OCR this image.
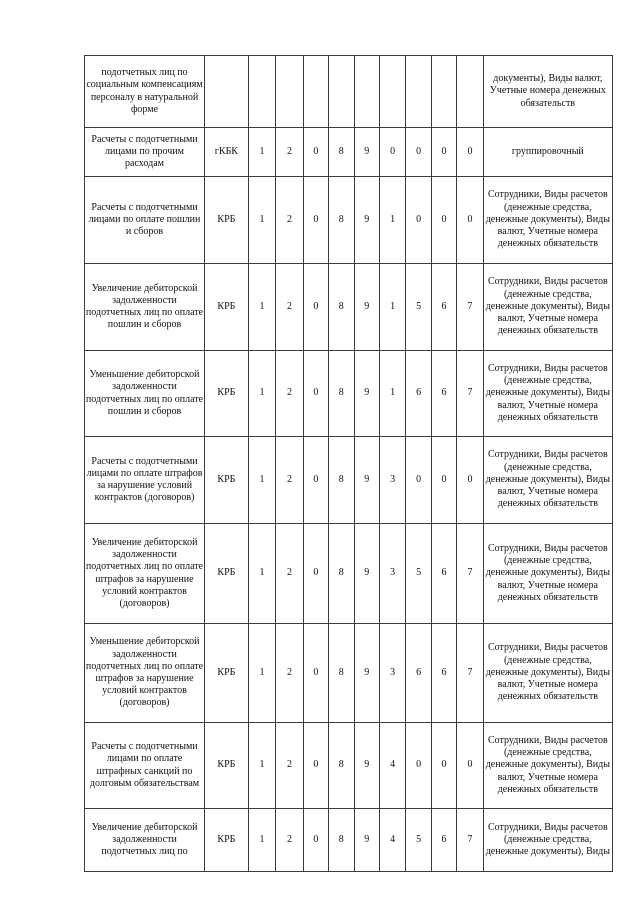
подотчетных лиц по социальным компенсациям персоналу в натуральной форме											документы), Виды валют, Учетные номера денежных обязательств
Расчеты с подотчетными лицами по прочим расходам	гКБК	1	2	0	8	9	0	0	0	0	группировочный
Расчеты с подотчетными лицами по оплате пошлин и сборов	КРБ	1	2	0	8	9	1	0	0	0	Сотрудники, Виды расчетов (денежные средства, денежные документы), Виды валют, Учетные номера денежных обязательств
Увеличение дебиторской задолженности подотчетных лиц по оплате пошлин и сборов	КРБ	1	2	0	8	9	1	5	6	7	Сотрудники, Виды расчетов (денежные средства, денежные документы), Виды валют, Учетные номера денежных обязательств
Уменьшение дебиторской задолженности подотчетных лиц по оплате пошлин и сборов	КРБ	1	2	0	8	9	1	6	6	7	Сотрудники, Виды расчетов (денежные средства, денежные документы), Виды валют, Учетные номера денежных обязательств
Расчеты с подотчетными лицами по оплате штрафов за нарушение условий контрактов (договоров)	КРБ	1	2	0	8	9	3	0	0	0	Сотрудники, Виды расчетов (денежные средства, денежные документы), Виды валют, Учетные номера денежных обязательств
Увеличение дебиторской задолженности подотчетных лиц по оплате штрафов за нарушение условий контрактов (договоров)	КРБ	1	2	0	8	9	3	5	6	7	Сотрудники, Виды расчетов (денежные средства, денежные документы), Виды валют, Учетные номера денежных обязательств
Уменьшение дебиторской задолженности подотчетных лиц по оплате штрафов за нарушение условий контрактов (договоров)	КРБ	1	2	0	8	9	3	6	6	7	Сотрудники, Виды расчетов (денежные средства, денежные документы), Виды валют, Учетные номера денежных обязательств
Расчеты с подотчетными лицами по оплате штрафных санкций по долговым обязательствам	КРБ	1	2	0	8	9	4	0	0	0	Сотрудники, Виды расчетов (денежные средства, денежные документы), Виды валют, Учетные номера денежных обязательств
Увеличение дебиторской задолженности подотчетных лиц по	КРБ	1	2	0	8	9	4	5	6	7	Сотрудники, Виды расчетов (денежные средства, денежные документы), Виды
